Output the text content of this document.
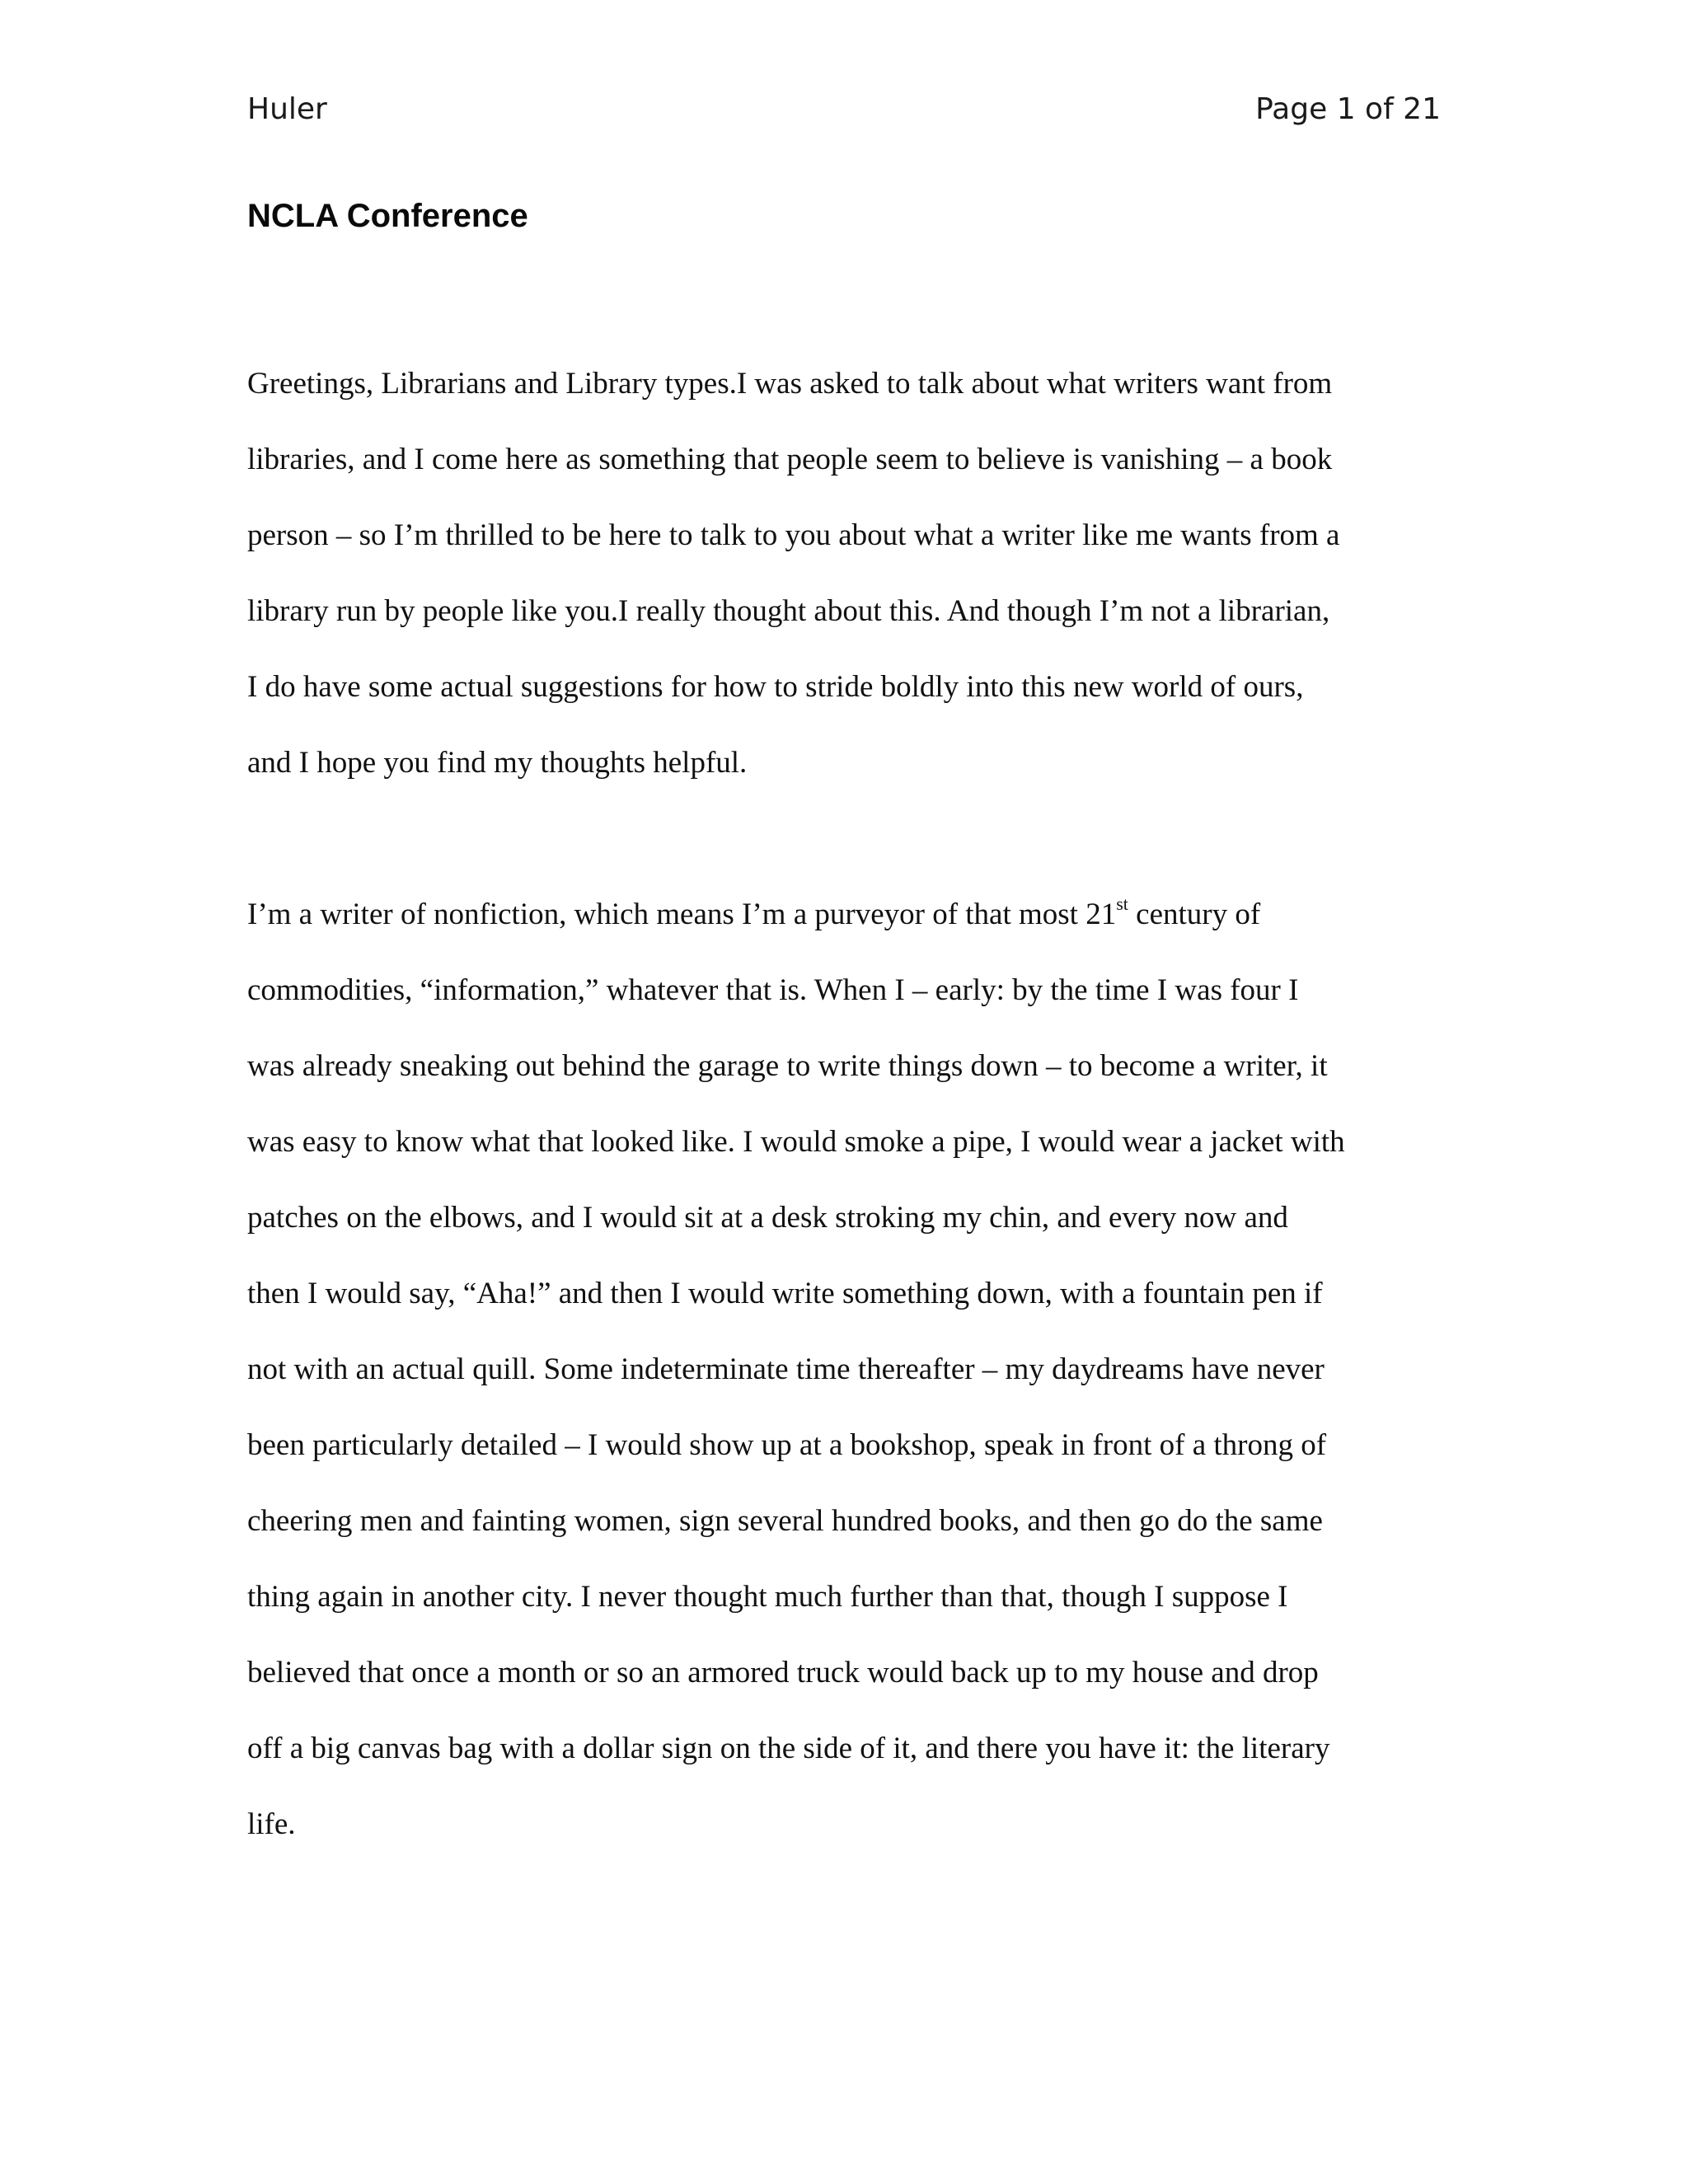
Huler	Page 1 of 21
NCLA Conference
Greetings, Librarians and Library types.I was asked to talk about what writers want from
libraries, and I come here as something that people seem to believe is vanishing – a book
person – so I’m thrilled to be here to talk to you about what a writer like me wants from a
library run by people like you.I really thought about this. And though I’m not a librarian,
I do have some actual suggestions for how to stride boldly into this new world of ours,
and I hope you find my thoughts helpful.
I’m a writer of nonfiction, which means I’m a purveyor of that most 21st century of
commodities, “information,” whatever that is. When I – early: by the time I was four I
was already sneaking out behind the garage to write things down – to become a writer, it
was easy to know what that looked like. I would smoke a pipe, I would wear a jacket with
patches on the elbows, and I would sit at a desk stroking my chin, and every now and
then I would say, “Aha!” and then I would write something down, with a fountain pen if
not with an actual quill. Some indeterminate time thereafter – my daydreams have never
been particularly detailed – I would show up at a bookshop, speak in front of a throng of
cheering men and fainting women, sign several hundred books, and then go do the same
thing again in another city. I never thought much further than that, though I suppose I
believed that once a month or so an armored truck would back up to my house and drop
off a big canvas bag with a dollar sign on the side of it, and there you have it: the literary
life.
